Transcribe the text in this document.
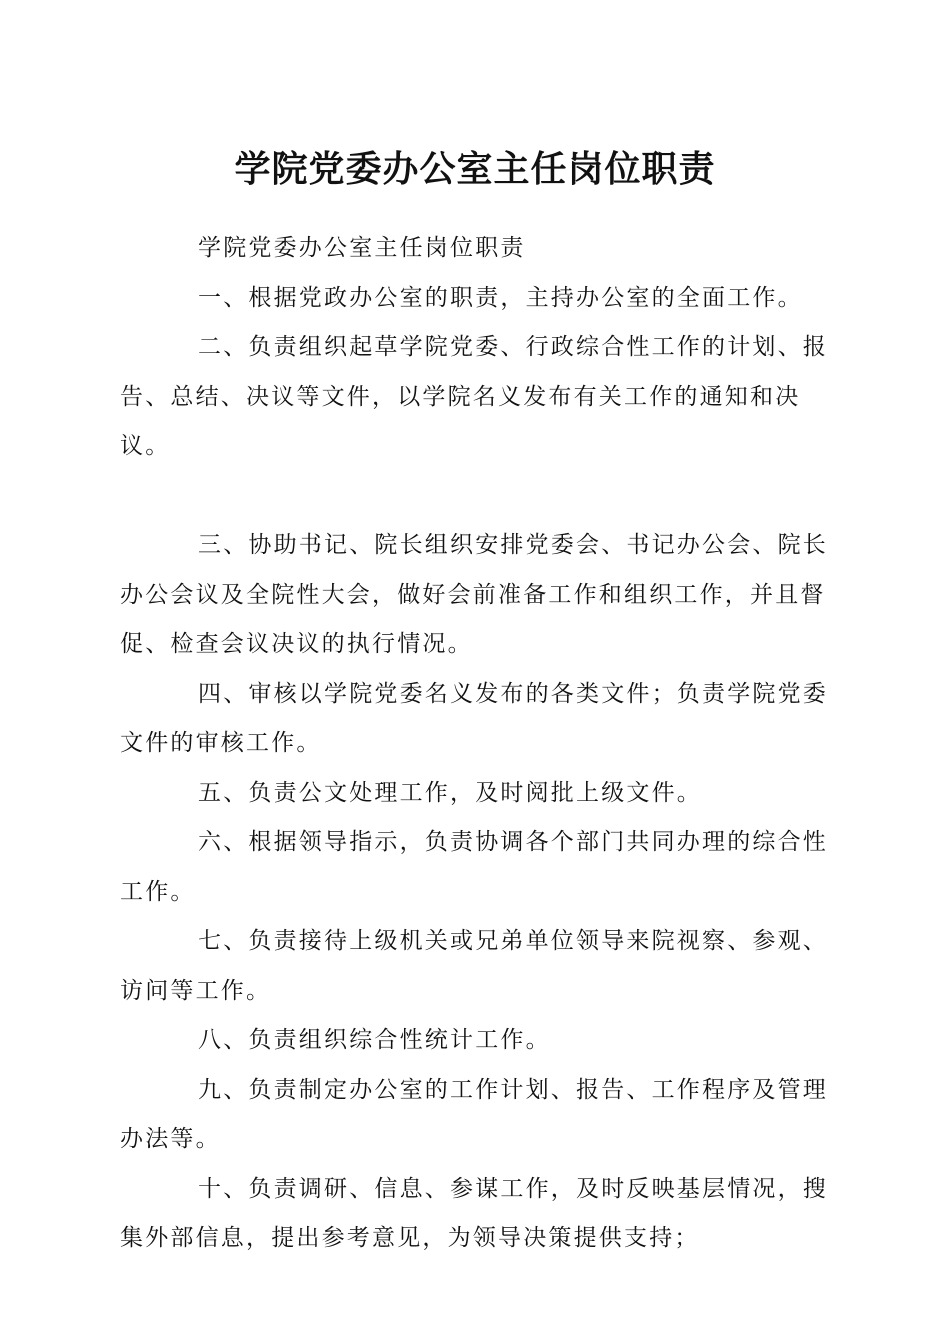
学院党委办公室主任岗位职责

学院党委办公室主任岗位职责

一、根据党政办公室的职责，主持办公室的全面工作。

二、负责组织起草学院党委、行政综合性工作的计划、报告、总结、决议等文件，以学院名义发布有关工作的通知和决议。

三、协助书记、院长组织安排党委会、书记办公会、院长办公会议及全院性大会，做好会前准备工作和组织工作，并且督促、检查会议决议的执行情况。

四、审核以学院党委名义发布的各类文件；负责学院党委文件的审核工作。

五、负责公文处理工作，及时阅批上级文件。

六、根据领导指示，负责协调各个部门共同办理的综合性工作。

七、负责接待上级机关或兄弟单位领导来院视察、参观、访问等工作。

八、负责组织综合性统计工作。

九、负责制定办公室的工作计划、报告、工作程序及管理办法等。

十、负责调研、信息、参谋工作，及时反映基层情况，搜集外部信息，提出参考意见，为领导决策提供支持；
